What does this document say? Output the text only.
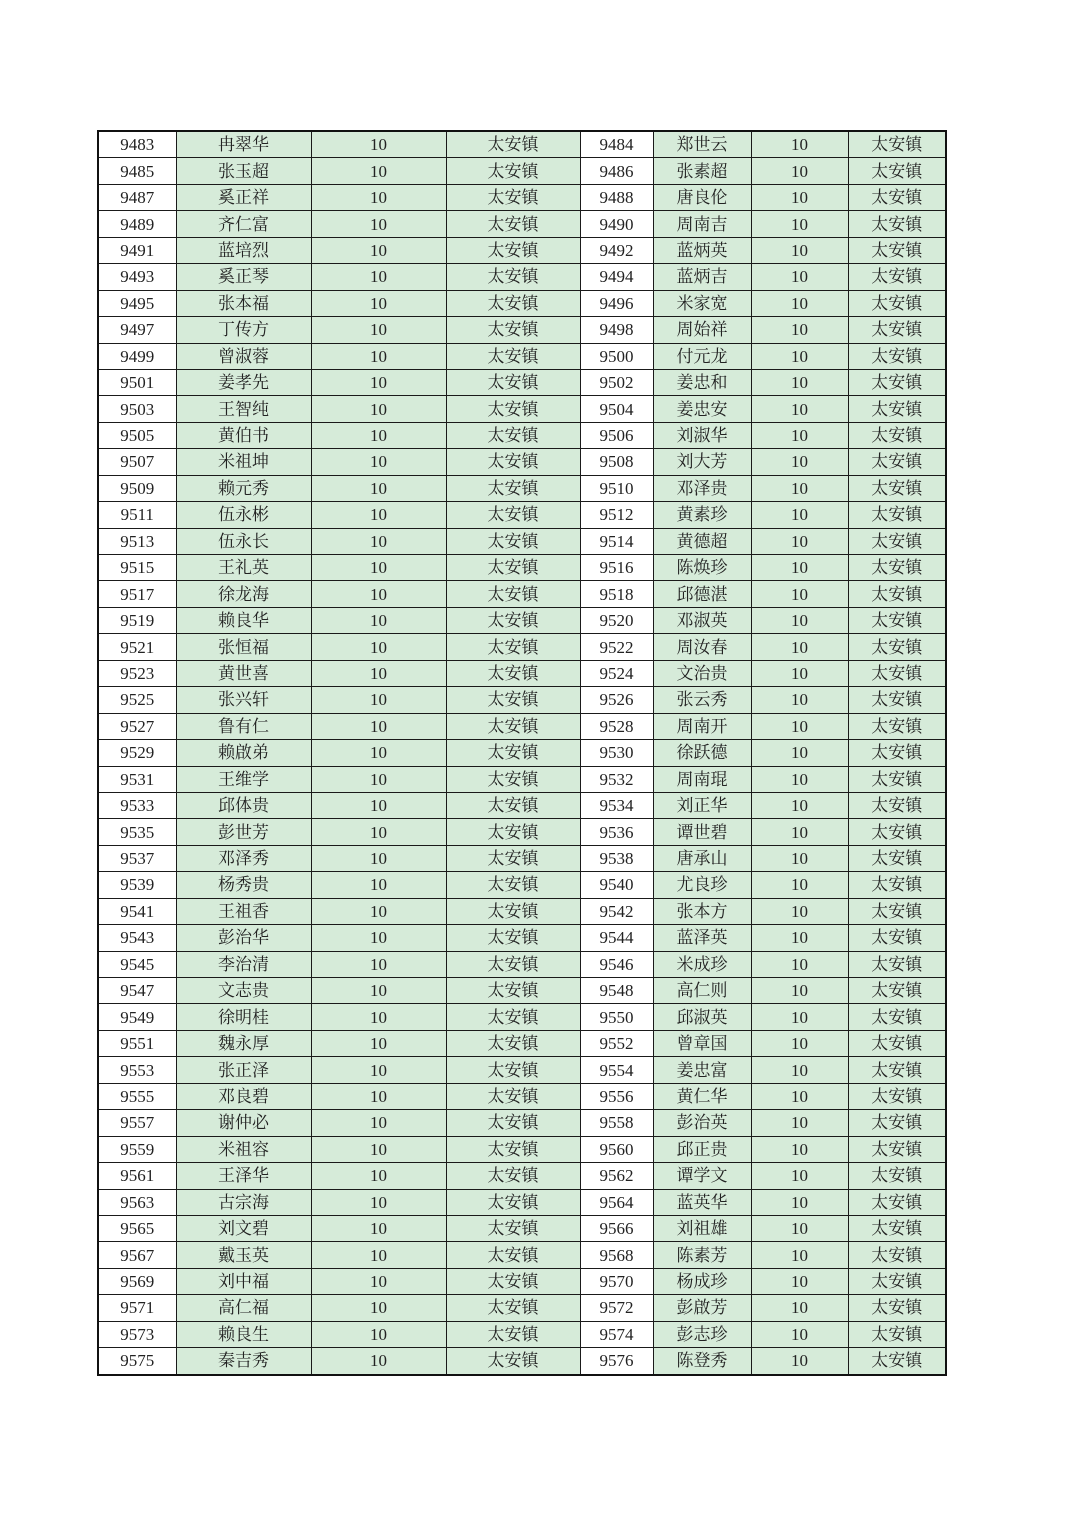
9483	冉翠华	10	太安镇	9484	郑世云	10	太安镇
9485	张玉超	10	太安镇	9486	张素超	10	太安镇
9487	奚正祥	10	太安镇	9488	唐良伦	10	太安镇
9489	齐仁富	10	太安镇	9490	周南吉	10	太安镇
9491	蓝培烈	10	太安镇	9492	蓝炳英	10	太安镇
9493	奚正琴	10	太安镇	9494	蓝炳吉	10	太安镇
9495	张本福	10	太安镇	9496	米家宽	10	太安镇
9497	丁传方	10	太安镇	9498	周始祥	10	太安镇
9499	曾淑蓉	10	太安镇	9500	付元龙	10	太安镇
9501	姜孝先	10	太安镇	9502	姜忠和	10	太安镇
9503	王智纯	10	太安镇	9504	姜忠安	10	太安镇
9505	黄伯书	10	太安镇	9506	刘淑华	10	太安镇
9507	米祖坤	10	太安镇	9508	刘大芳	10	太安镇
9509	赖元秀	10	太安镇	9510	邓泽贵	10	太安镇
9511	伍永彬	10	太安镇	9512	黄素珍	10	太安镇
9513	伍永长	10	太安镇	9514	黄德超	10	太安镇
9515	王礼英	10	太安镇	9516	陈焕珍	10	太安镇
9517	徐龙海	10	太安镇	9518	邱德湛	10	太安镇
9519	赖良华	10	太安镇	9520	邓淑英	10	太安镇
9521	张恒福	10	太安镇	9522	周汝春	10	太安镇
9523	黄世喜	10	太安镇	9524	文治贵	10	太安镇
9525	张兴轩	10	太安镇	9526	张云秀	10	太安镇
9527	鲁有仁	10	太安镇	9528	周南开	10	太安镇
9529	赖啟弟	10	太安镇	9530	徐跃德	10	太安镇
9531	王维学	10	太安镇	9532	周南琨	10	太安镇
9533	邱体贵	10	太安镇	9534	刘正华	10	太安镇
9535	彭世芳	10	太安镇	9536	谭世碧	10	太安镇
9537	邓泽秀	10	太安镇	9538	唐承山	10	太安镇
9539	杨秀贵	10	太安镇	9540	尤良珍	10	太安镇
9541	王祖香	10	太安镇	9542	张本方	10	太安镇
9543	彭治华	10	太安镇	9544	蓝泽英	10	太安镇
9545	李治清	10	太安镇	9546	米成珍	10	太安镇
9547	文志贵	10	太安镇	9548	高仁则	10	太安镇
9549	徐明桂	10	太安镇	9550	邱淑英	10	太安镇
9551	魏永厚	10	太安镇	9552	曾章国	10	太安镇
9553	张正泽	10	太安镇	9554	姜忠富	10	太安镇
9555	邓良碧	10	太安镇	9556	黄仁华	10	太安镇
9557	谢仲必	10	太安镇	9558	彭治英	10	太安镇
9559	米祖容	10	太安镇	9560	邱正贵	10	太安镇
9561	王泽华	10	太安镇	9562	谭学文	10	太安镇
9563	古宗海	10	太安镇	9564	蓝英华	10	太安镇
9565	刘文碧	10	太安镇	9566	刘祖雄	10	太安镇
9567	戴玉英	10	太安镇	9568	陈素芳	10	太安镇
9569	刘中福	10	太安镇	9570	杨成珍	10	太安镇
9571	高仁福	10	太安镇	9572	彭啟芳	10	太安镇
9573	赖良生	10	太安镇	9574	彭志珍	10	太安镇
9575	秦吉秀	10	太安镇	9576	陈登秀	10	太安镇
